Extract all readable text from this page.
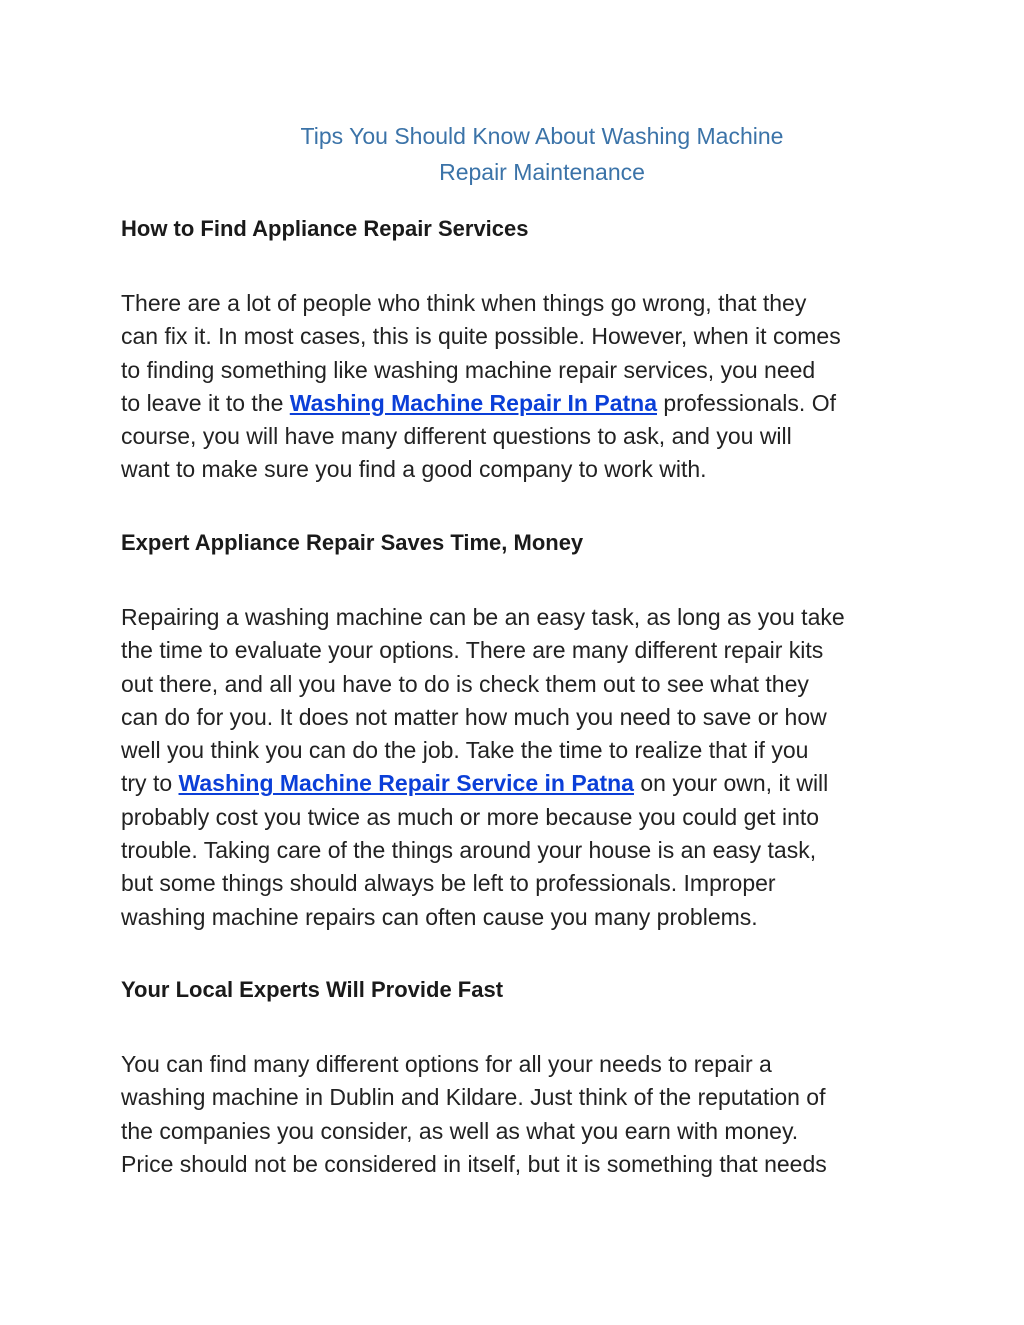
Tips You Should Know About Washing Machine
Repair Maintenance
How to Find Appliance Repair Services
There are a lot of people who think when things go wrong, that they
can fix it. In most cases, this is quite possible. However, when it comes
to finding something like washing machine repair services, you need
to leave it to the Washing Machine Repair In Patna professionals. Of
course, you will have many different questions to ask, and you will
want to make sure you find a good company to work with.
Expert Appliance Repair Saves Time, Money
Repairing a washing machine can be an easy task, as long as you take
the time to evaluate your options. There are many different repair kits
out there, and all you have to do is check them out to see what they
can do for you. It does not matter how much you need to save or how
well you think you can do the job. Take the time to realize that if you
try to Washing Machine Repair Service in Patna on your own, it will
probably cost you twice as much or more because you could get into
trouble. Taking care of the things around your house is an easy task,
but some things should always be left to professionals. Improper
washing machine repairs can often cause you many problems.
Your Local Experts Will Provide Fast
You can find many different options for all your needs to repair a
washing machine in Dublin and Kildare. Just think of the reputation of
the companies you consider, as well as what you earn with money.
Price should not be considered in itself, but it is something that needs
